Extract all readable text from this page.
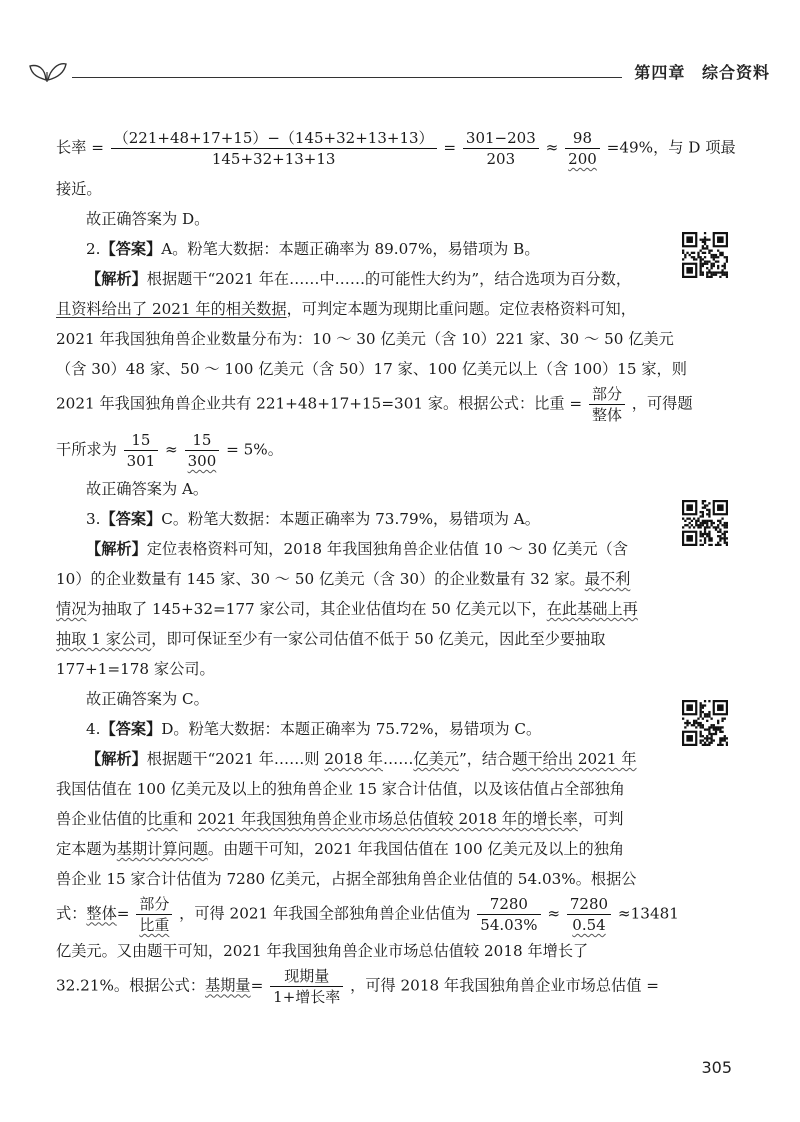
第四章 综合资料
长率 = $\frac{(221+48+17+15)-(145+32+13+13)}{145+32+13+13} = \frac{301-203}{203} \approx \frac{98}{200} =49\%$，与 D 项最
接近。
故正确答案为 D。
2.【答案】A。粉笔大数据：本题正确率为 89.07%，易错项为 B。
【解析】根据题干“2021 年在……中……的可能性大约为”，结合选项为百分数，
且资料给出了 2021 年的相关数据，可判定本题为现期比重问题。定位表格资料可知，
2021 年我国独角兽企业数量分布为：10 ～ 30 亿美元（含 10）221 家、30 ～ 50 亿美元
（含 30）48 家、50 ～ 100 亿美元（含 50）17 家、100 亿美元以上（含 100）15 家，则
2021 年我国独角兽企业共有 221+48+17+15=301 家。根据公式：比重 = $\frac{\text{部分}}{\text{整体}}$ ，可得题
干所求为 $\frac{15}{301} \approx \frac{15}{300} = 5\%$。
故正确答案为 A。
3.【答案】C。粉笔大数据：本题正确率为 73.79%，易错项为 A。
【解析】定位表格资料可知，2018 年我国独角兽企业估值 10 ～ 30 亿美元（含
10）的企业数量有 145 家、30 ～ 50 亿美元（含 30）的企业数量有 32 家。最不利
情况为抽取了 145+32=177 家公司，其企业估值均在 50 亿美元以下，在此基础上再
抽取 1 家公司，即可保证至少有一家公司估值不低于 50 亿美元，因此至少要抽取
177+1=178 家公司。
故正确答案为 C。
4.【答案】D。粉笔大数据：本题正确率为 75.72%，易错项为 C。
【解析】根据题干“2021 年……则 2018 年……亿美元”，结合题干给出 2021 年
我国估值在 100 亿美元及以上的独角兽企业 15 家合计估值，以及该估值占全部独角
兽企业估值的比重和 2021 年我国独角兽企业市场总估值较 2018 年的增长率，可判
定本题为基期计算问题。由题干可知，2021 年我国估值在 100 亿美元及以上的独角
兽企业 15 家合计估值为 7280 亿美元，占据全部独角兽企业估值的 54.03%。根据公
式：整体= $\frac{\text{部分}}{\text{比重}}$ ，可得 2021 年我国全部独角兽企业估值为 $\frac{7280}{54.03\%} \approx \frac{7280}{0.54} \approx 13481$
亿美元。又由题干可知，2021 年我国独角兽企业市场总估值较 2018 年增长了
32.21%。根据公式：基期量= $\frac{\text{现期量}}{\text{1+增长率}}$ ，可得 2018 年我国独角兽企业市场总估值 =
305
